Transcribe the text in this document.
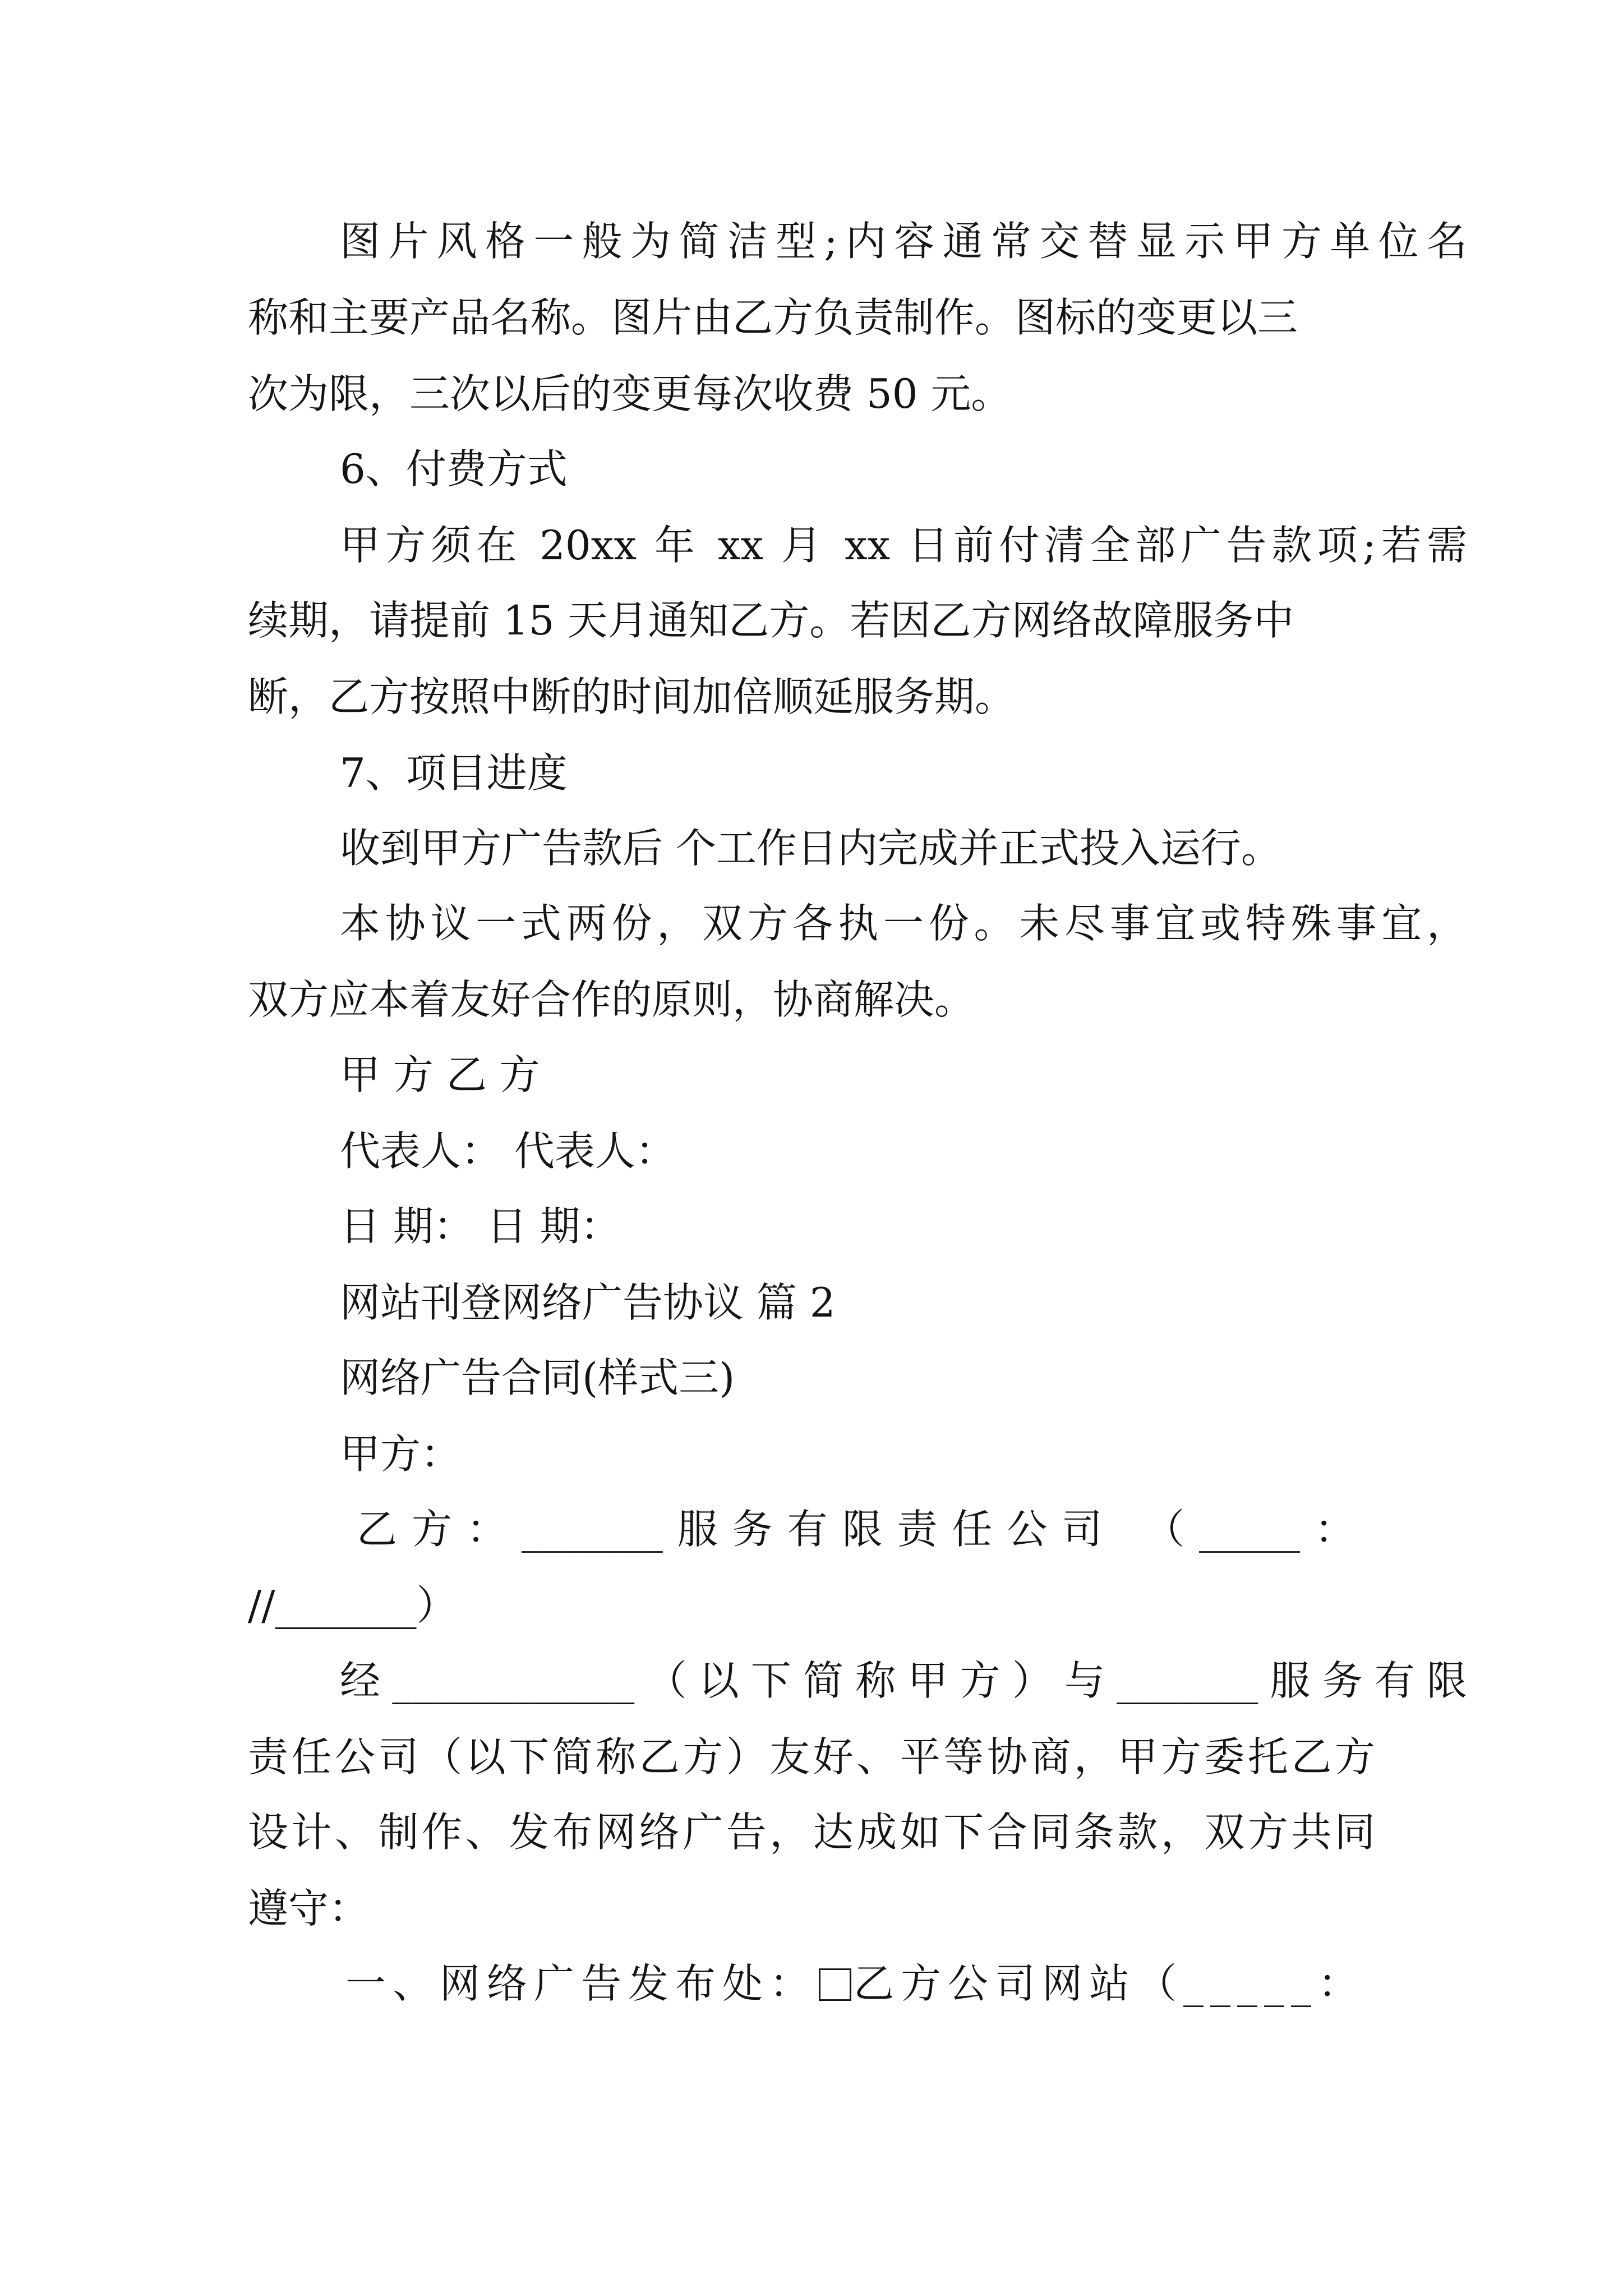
图片风格一般为简洁型;内容通常交替显示甲方单位名

称和主要产品名称。图片由乙方负责制作。图标的变更以三

次为限，三次以后的变更每次收费 50 元。

6、付费方式

甲方须在 20xx 年 xx 月 xx 日前付清全部广告款项;若需

续期，请提前 15 天月通知乙方。若因乙方网络故障服务中

断，乙方按照中断的时间加倍顺延服务期。

7、项目进度

收到甲方广告款后 个工作日内完成并正式投入运行。

本协议一式两份，双方各执一份。未尽事宜或特殊事宜，

双方应本着友好合作的原则，协商解决。

甲 方 乙 方

代表人： 代表人：

日 期： 日 期：

网站刊登网络广告协议 篇 2

网络广告合同(样式三)

甲方：

乙方：_______服务有限责任公司 （_____：

//_______）

经____________（以下简称甲方）与_______服务有限

责任公司（以下简称乙方）友好、平等协商，甲方委托乙方

设计、制作、发布网络广告，达成如下合同条款，双方共同

遵守：

一、网络广告发布处： 乙方公司网站（_____：
